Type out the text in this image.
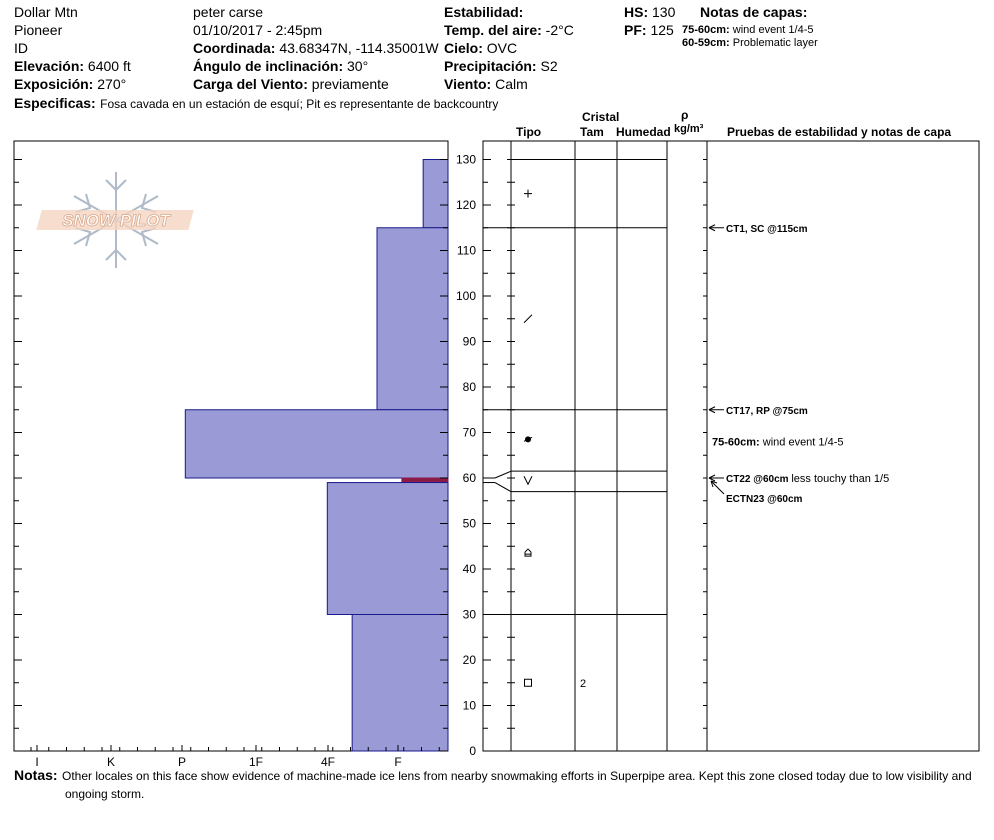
Dollar Mtn
Pioneer
ID
Elevación: 6400 ft
Exposición: 270°
peter carse
01/10/2017 - 2:45pm
Coordinada: 43.68347N, -114.35001W
Ángulo de inclinación: 30°
Carga del Viento: previamente
Estabilidad:
Temp. del aire: -2°C
Cielo: OVC
Precipitación: S2
Viento: Calm
HS: 130
PF: 125
Notas de capas:
75-60cm: wind event 1/4-5
60-59cm: Problematic layer
Especificas: Fosa cavada en un estación de esquí; Pit es representante de backcountry
Cristal
Tipo	Tam Humedad
ρ
kg/m³ Pruebas de estabilidad y notas de capa
SNOW PILOT
0
10
20
30
40
50
60
70
80
90
100
110
120
130
I	K	P	1F	4F	F
2
CT1, SC @115cm
CT17, RP @75cm
75-60cm: wind event 1/4-5
CT22 @60cm less touchy than 1/5
ECTN23 @60cm
Notas: Other locales on this face show evidence of machine-made ice lens from nearby snowmaking efforts in Superpipe area. Kept this zone closed today due to low visibility and
ongoing storm.
